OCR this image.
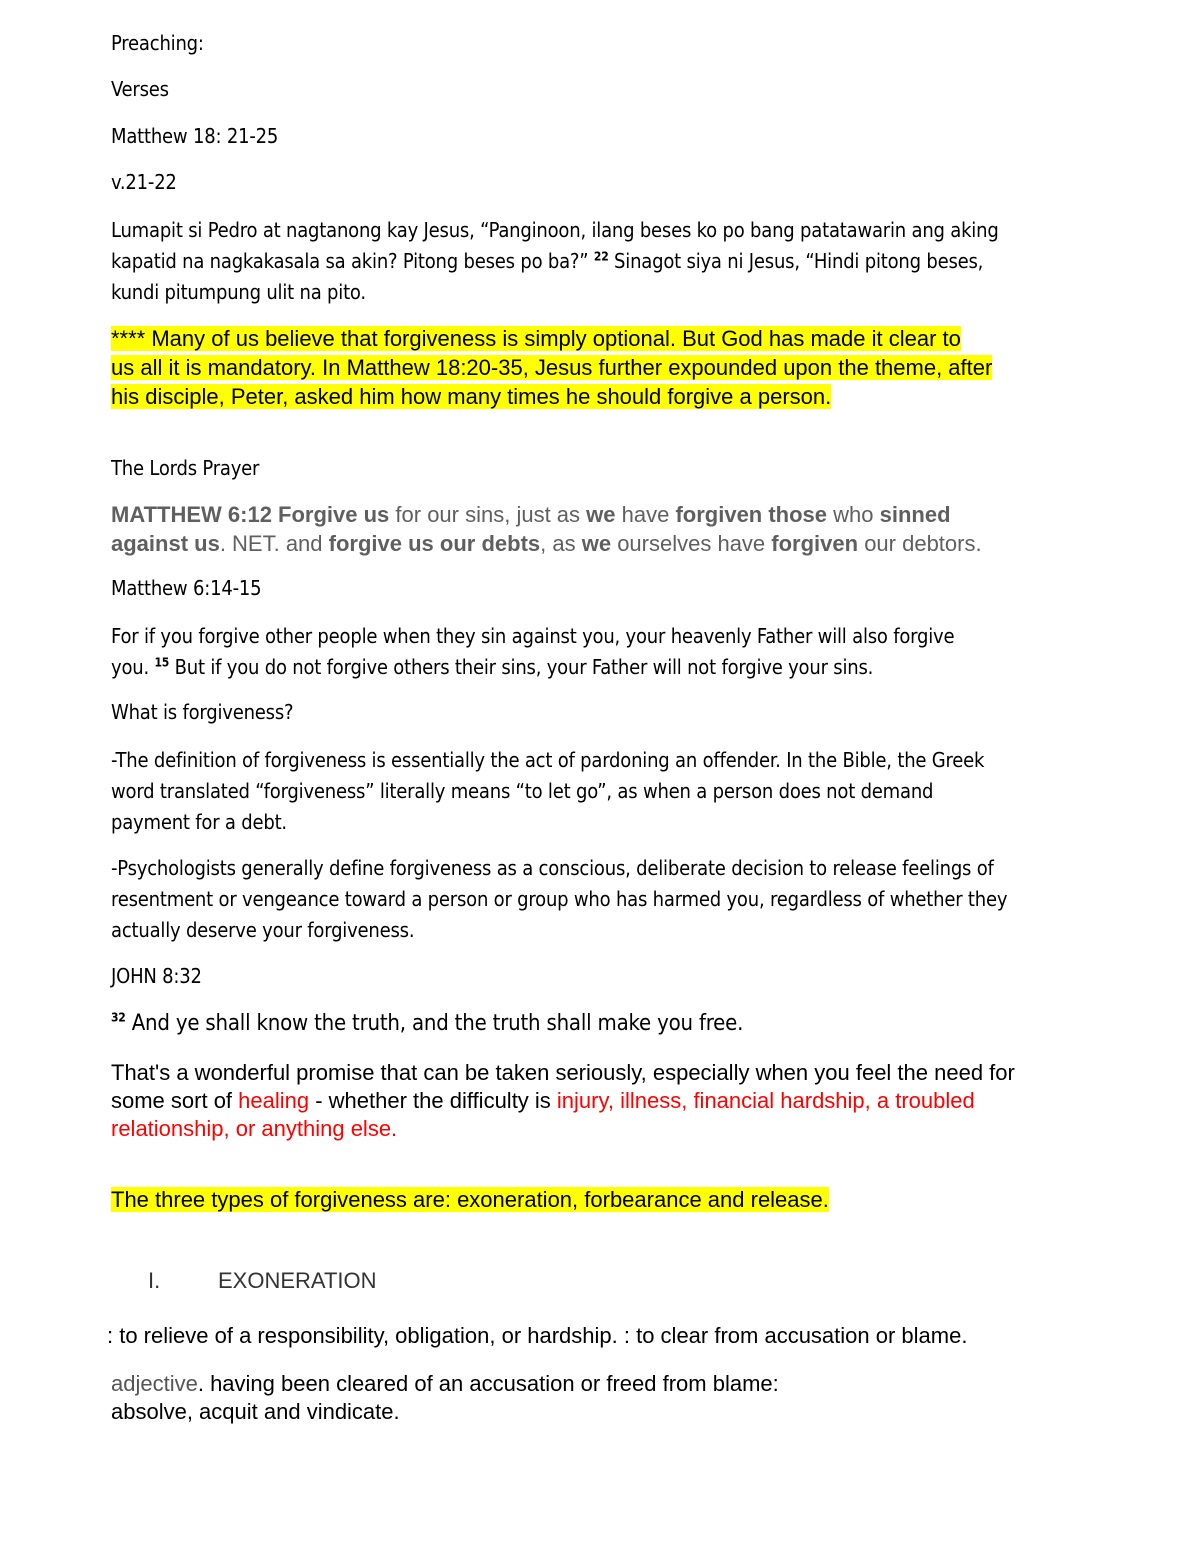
Preaching:

Verses

Matthew 18: 21-25

v.21-22

Lumapit si Pedro at nagtanong kay Jesus, “Panginoon, ilang beses ko po bang patatawarin ang aking
kapatid na nagkakasala sa akin? Pitong beses po ba?” $^{22}$ Sinagot siya ni Jesus, “Hindi pitong beses,
kundi pitumpung ulit na pito.
**** Many of us believe that forgiveness is simply optional. But God has made it clear to
us all it is mandatory. In Matthew 18:20-35, Jesus further expounded upon the theme, after
his disciple, Peter, asked him how many times he should forgive a person.

The Lords Prayer

MATTHEW 6:12 Forgive us for our sins, just as we have forgiven those who sinned
against us. NET. and forgive us our debts, as we ourselves have forgiven our debtors.

Matthew 6:14-15

For if you forgive other people when they sin against you, your heavenly Father will also forgive
you. $^{15}$ But if you do not forgive others their sins, your Father will not forgive your sins.

What is forgiveness?

-The definition of forgiveness is essentially the act of pardoning an offender. In the Bible, the Greek
word translated “forgiveness” literally means “to let go”, as when a person does not demand
payment for a debt.
-Psychologists generally define forgiveness as a conscious, deliberate decision to release feelings of
resentment or vengeance toward a person or group who has harmed you, regardless of whether they
actually deserve your forgiveness.

JOHN 8:32

$^{32}$ And ye shall know the truth, and the truth shall make you free.

That's a wonderful promise that can be taken seriously, especially when you feel the need for
some sort of healing - whether the difficulty is injury, illness, financial hardship, a troubled
relationship, or anything else.

The three types of forgiveness are: exoneration, forbearance and release.

I.	EXONERATION

: to relieve of a responsibility, obligation, or hardship. : to clear from accusation or blame.

adjective. having been cleared of an accusation or freed from blame:
absolve, acquit and vindicate.
